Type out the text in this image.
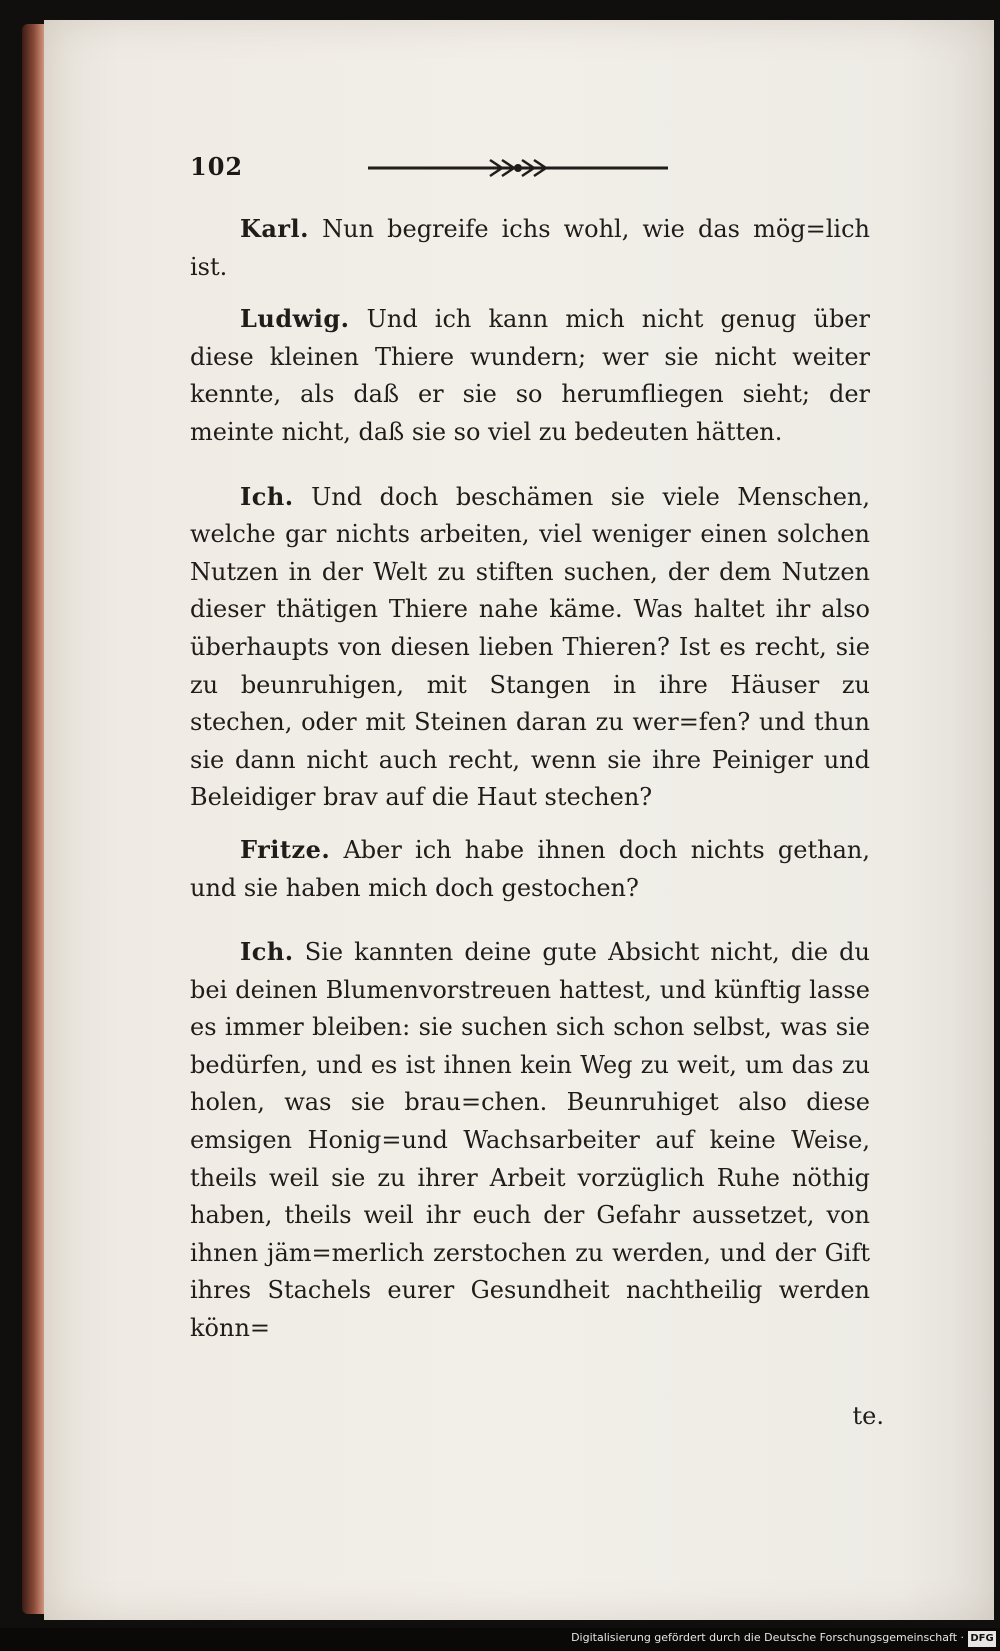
102

Karl. Nun begreife ichs wohl, wie das mög=lich ist.

Ludwig. Und ich kann mich nicht genug über diese kleinen Thiere wundern; wer sie nicht weiter kennte, als daß er sie so herumfliegen sieht; der meinte nicht, daß sie so viel zu bedeuten hätten.

Ich. Und doch beschämen sie viele Menschen, welche gar nichts arbeiten, viel weniger einen solchen Nutzen in der Welt zu stiften suchen, der dem Nutzen dieser thätigen Thiere nahe käme. Was haltet ihr also überhaupts von diesen lieben Thieren? Ist es recht, sie zu beunruhigen, mit Stangen in ihre Häuser zu stechen, oder mit Steinen daran zu wer=fen? und thun sie dann nicht auch recht, wenn sie ihre Peiniger und Beleidiger brav auf die Haut stechen?

Fritze. Aber ich habe ihnen doch nichts gethan, und sie haben mich doch gestochen?

Ich. Sie kannten deine gute Absicht nicht, die du bei deinen Blumenvorstreuen hattest, und künftig lasse es immer bleiben: sie suchen sich schon selbst, was sie bedürfen, und es ist ihnen kein Weg zu weit, um das zu holen, was sie brau=chen. Beunruhiget also diese emsigen Honig=und Wachsarbeiter auf keine Weise, theils weil sie zu ihrer Arbeit vorzüglich Ruhe nöthig haben, theils weil ihr euch der Gefahr aussetzet, von ihnen jäm=merlich zerstochen zu werden, und der Gift ihres Stachels eurer Gesundheit nachtheilig werden könn=

te.
Digitalisierung gefördert durch die Deutsche Forschungsgemeinschaft · DFG
